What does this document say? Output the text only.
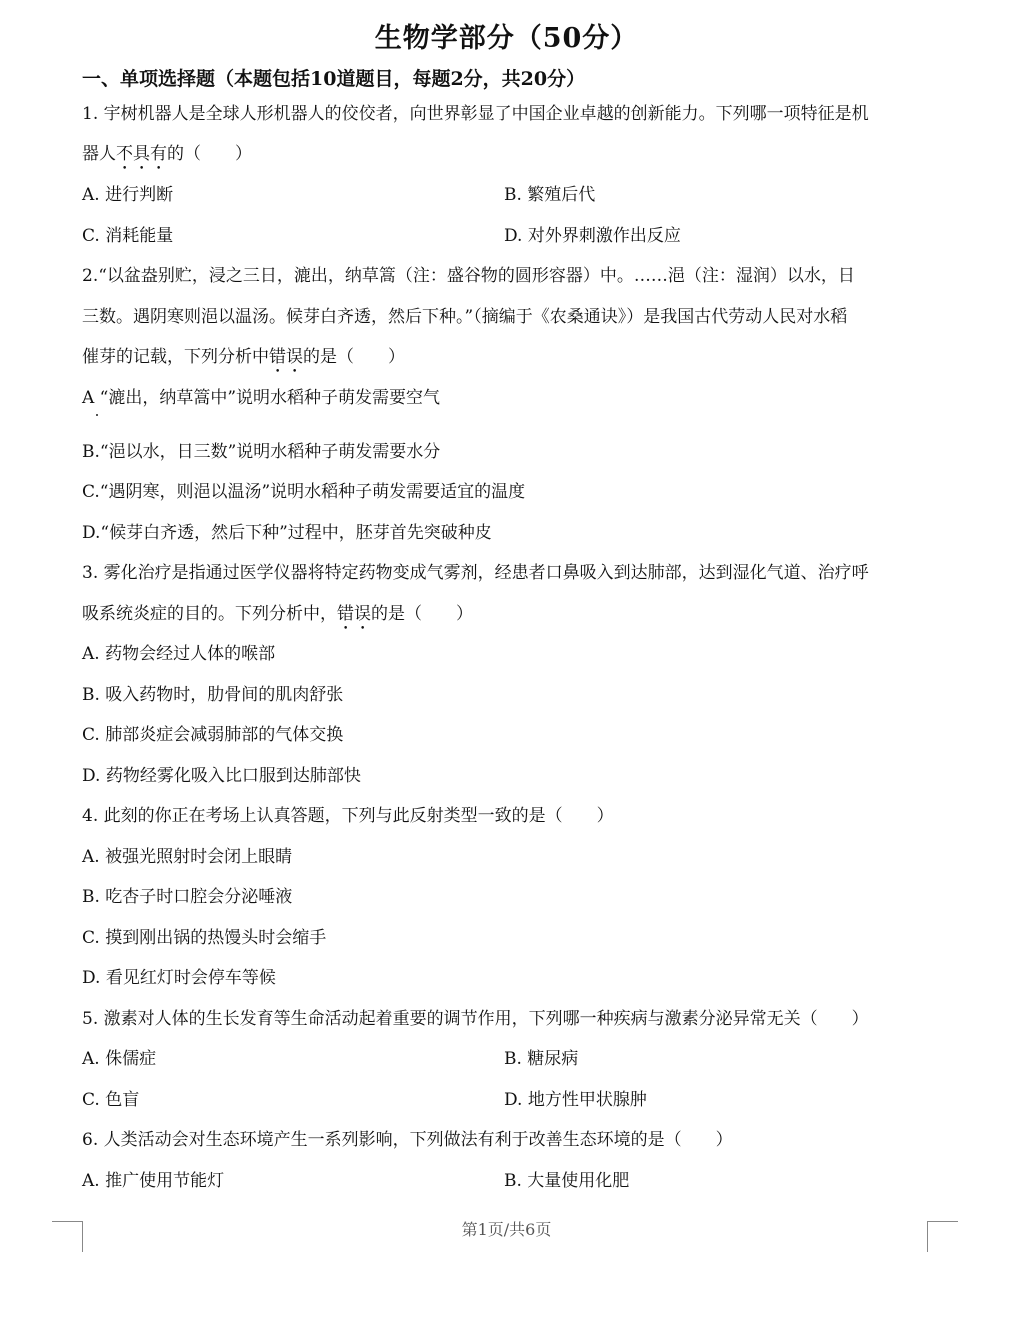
生物学部分（50分）
一、单项选择题（本题包括10道题目，每题2分，共20分）
1. 宇树机器人是全球人形机器人的佼佼者，向世界彰显了中国企业卓越的创新能力。下列哪一项特征是机
器人不具有的（　　）
A. 进行判断	B. 繁殖后代
C. 消耗能量	D. 对外界刺激作出反应
2.“以盆盎别贮，浸之三日，漉出，纳草篙（注：盛谷物的圆形容器）中。……浥（注：湿润）以水，日
三数。遇阴寒则浥以温汤。候芽白齐透，然后下种。”（摘编于《农桑通诀》）是我国古代劳动人民对水稻
催芽的记载，下列分析中错误的是（　　）
A “漉出，纳草篙中”说明水稻种子萌发需要空气
B.“浥以水，日三数”说明水稻种子萌发需要水分
C.“遇阴寒，则浥以温汤”说明水稻种子萌发需要适宜的温度
D.“候芽白齐透，然后下种”过程中，胚芽首先突破种皮
3. 雾化治疗是指通过医学仪器将特定药物变成气雾剂，经患者口鼻吸入到达肺部，达到湿化气道、治疗呼
吸系统炎症的目的。下列分析中，错误的是（　　）
A. 药物会经过人体的喉部
B. 吸入药物时，肋骨间的肌肉舒张
C. 肺部炎症会减弱肺部的气体交换
D. 药物经雾化吸入比口服到达肺部快
4. 此刻的你正在考场上认真答题，下列与此反射类型一致的是（　　）
A. 被强光照射时会闭上眼睛
B. 吃杏子时口腔会分泌唾液
C. 摸到刚出锅的热馒头时会缩手
D. 看见红灯时会停车等候
5. 激素对人体的生长发育等生命活动起着重要的调节作用，下列哪一种疾病与激素分泌异常无关（　　）
A. 侏儒症	B. 糖尿病
C. 色盲	D. 地方性甲状腺肿
6. 人类活动会对生态环境产生一系列影响，下列做法有利于改善生态环境的是（　　）
A. 推广使用节能灯	B. 大量使用化肥
第1页/共6页
